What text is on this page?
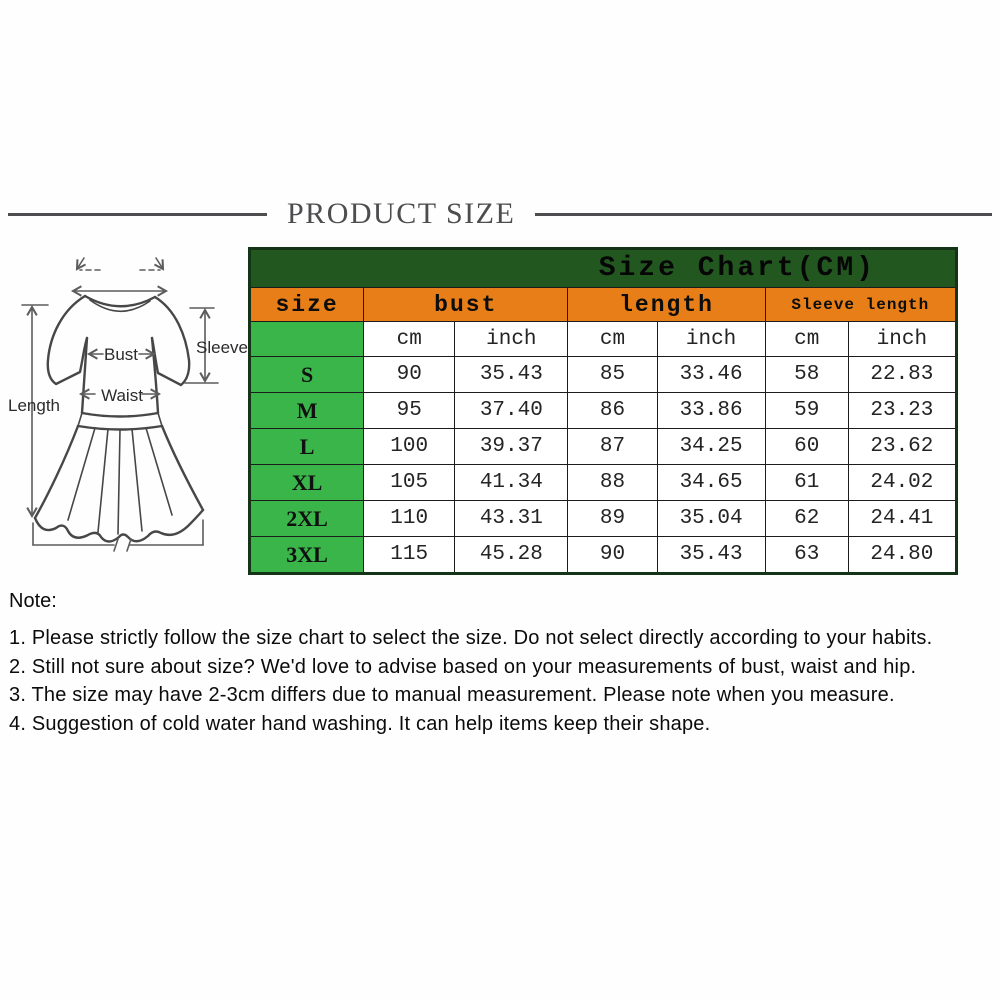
PRODUCT SIZE
Bust
Waist
Sleeve
Length
Size Chart(CM)						
size	bust		length		Sleeve length	
	cm	inch	cm	inch	cm	inch
S	90	35.43	85	33.46	58	22.83
M	95	37.40	86	33.86	59	23.23
L	100	39.37	87	34.25	60	23.62
XL	105	41.34	88	34.65	61	24.02
2XL	110	43.31	89	35.04	62	24.41
3XL	115	45.28	90	35.43	63	24.80
Note:
1. Please strictly follow the size chart to select the size. Do not select directly according to your habits.
2. Still not sure about size? We'd love to advise based on your measurements of bust, waist and hip.
3. The size may have 2-3cm differs due to manual measurement. Please note when you measure.
4. Suggestion of cold water hand washing. It can help items keep their shape.
